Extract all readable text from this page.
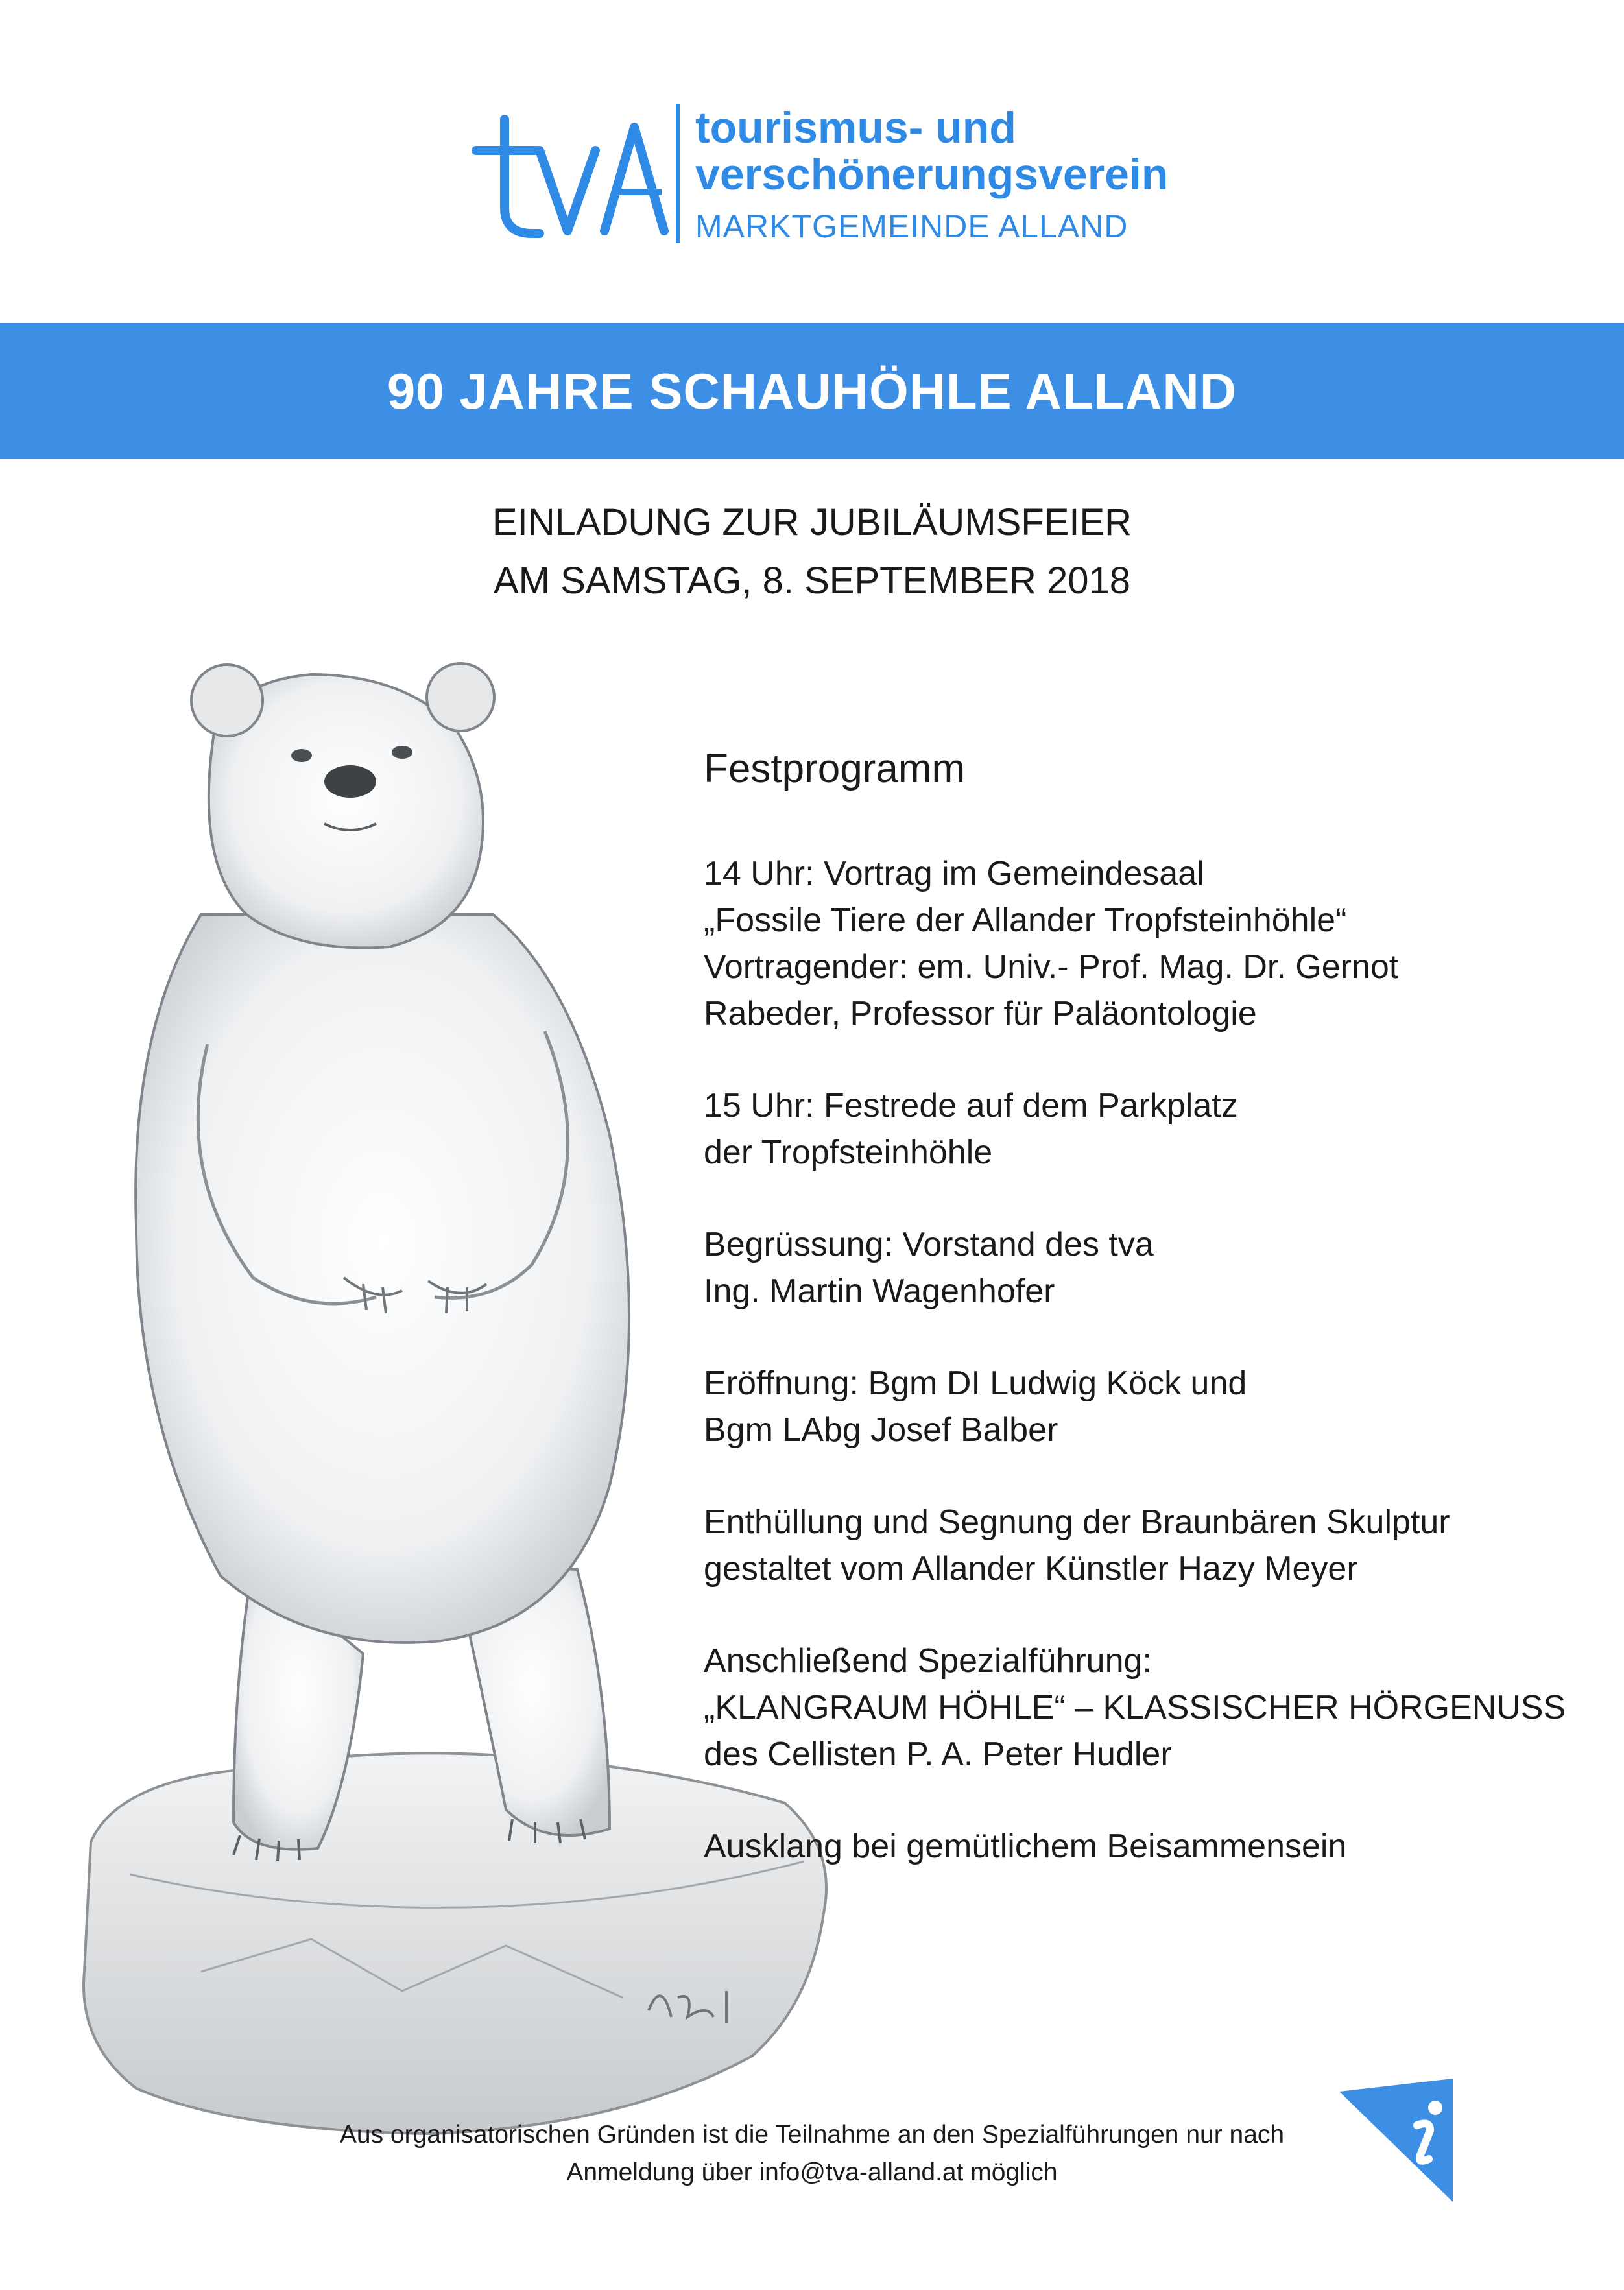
tourismus- und
verschönerungsverein
MARKTGEMEINDE ALLAND
90 JAHRE SCHAUHÖHLE ALLAND
EINLADUNG ZUR JUBILÄUMSFEIER
AM SAMSTAG, 8. SEPTEMBER 2018
Festprogramm
14 Uhr: Vortrag im Gemeindesaal
„Fossile Tiere der Allander Tropfsteinhöhle“
Vortragender: em. Univ.- Prof. Mag. Dr. Gernot
Rabeder, Professor für Paläontologie
15 Uhr: Festrede auf dem Parkplatz
der Tropfsteinhöhle
Begrüssung: Vorstand des tva
Ing. Martin Wagenhofer
Eröffnung: Bgm DI Ludwig Köck und
Bgm LAbg Josef Balber
Enthüllung und Segnung der Braunbären Skulptur
gestaltet vom Allander Künstler Hazy Meyer
Anschließend Spezialführung:
„KLANGRAUM HÖHLE“ – KLASSISCHER HÖRGENUSS
des Cellisten P. A. Peter Hudler
Ausklang bei gemütlichem Beisammensein
Aus organisatorischen Gründen ist die Teilnahme an den Spezialführungen nur nach
Anmeldung über info@tva-alland.at möglich
